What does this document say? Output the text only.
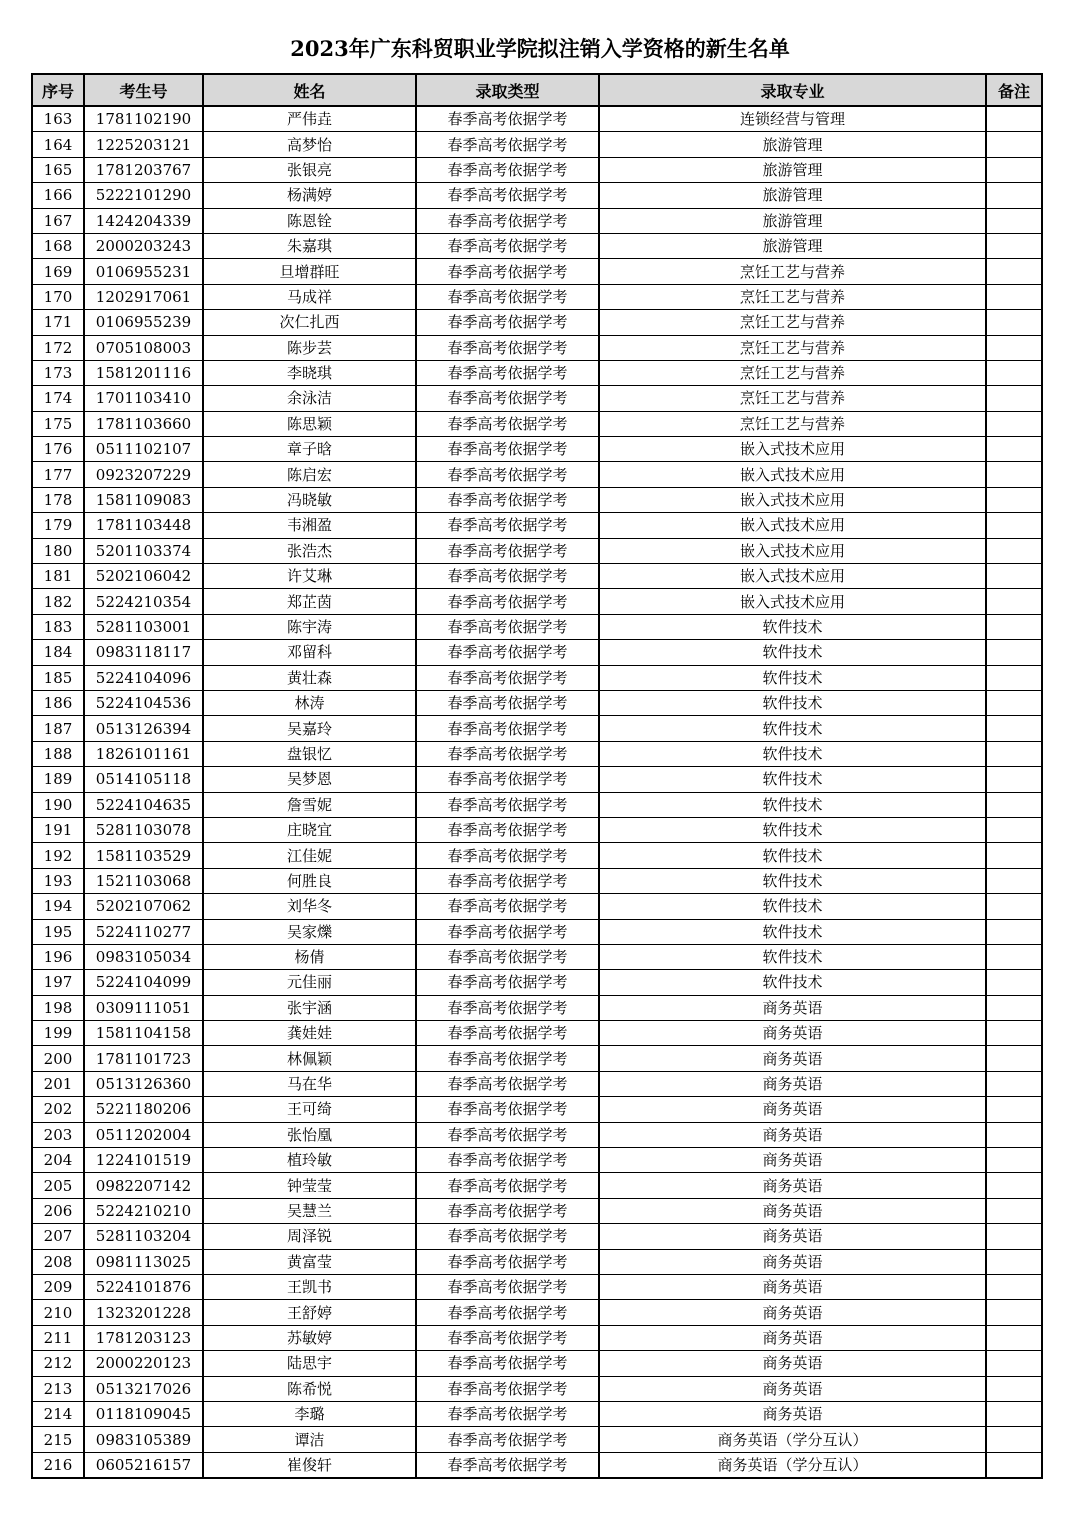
2023年广东科贸职业学院拟注销入学资格的新生名单
序号	考生号	姓名	录取类型	录取专业	备注
163	1781102190	严伟垚	春季高考依据学考	连锁经营与管理	
164	1225203121	高梦怡	春季高考依据学考	旅游管理	
165	1781203767	张银亮	春季高考依据学考	旅游管理	
166	5222101290	杨满婷	春季高考依据学考	旅游管理	
167	1424204339	陈恩铨	春季高考依据学考	旅游管理	
168	2000203243	朱嘉琪	春季高考依据学考	旅游管理	
169	0106955231	旦增群旺	春季高考依据学考	烹饪工艺与营养	
170	1202917061	马成祥	春季高考依据学考	烹饪工艺与营养	
171	0106955239	次仁扎西	春季高考依据学考	烹饪工艺与营养	
172	0705108003	陈步芸	春季高考依据学考	烹饪工艺与营养	
173	1581201116	李晓琪	春季高考依据学考	烹饪工艺与营养	
174	1701103410	余泳洁	春季高考依据学考	烹饪工艺与营养	
175	1781103660	陈思颖	春季高考依据学考	烹饪工艺与营养	
176	0511102107	章子晗	春季高考依据学考	嵌入式技术应用	
177	0923207229	陈启宏	春季高考依据学考	嵌入式技术应用	
178	1581109083	冯晓敏	春季高考依据学考	嵌入式技术应用	
179	1781103448	韦湘盈	春季高考依据学考	嵌入式技术应用	
180	5201103374	张浩杰	春季高考依据学考	嵌入式技术应用	
181	5202106042	许艾琳	春季高考依据学考	嵌入式技术应用	
182	5224210354	郑芷茵	春季高考依据学考	嵌入式技术应用	
183	5281103001	陈宇涛	春季高考依据学考	软件技术	
184	0983118117	邓留科	春季高考依据学考	软件技术	
185	5224104096	黄壮森	春季高考依据学考	软件技术	
186	5224104536	林涛	春季高考依据学考	软件技术	
187	0513126394	吴嘉玲	春季高考依据学考	软件技术	
188	1826101161	盘银忆	春季高考依据学考	软件技术	
189	0514105118	吴梦恩	春季高考依据学考	软件技术	
190	5224104635	詹雪妮	春季高考依据学考	软件技术	
191	5281103078	庄晓宜	春季高考依据学考	软件技术	
192	1581103529	江佳妮	春季高考依据学考	软件技术	
193	1521103068	何胜良	春季高考依据学考	软件技术	
194	5202107062	刘华冬	春季高考依据学考	软件技术	
195	5224110277	吴家爍	春季高考依据学考	软件技术	
196	0983105034	杨倩	春季高考依据学考	软件技术	
197	5224104099	元佳丽	春季高考依据学考	软件技术	
198	0309111051	张宇涵	春季高考依据学考	商务英语	
199	1581104158	龚娃娃	春季高考依据学考	商务英语	
200	1781101723	林佩颖	春季高考依据学考	商务英语	
201	0513126360	马在华	春季高考依据学考	商务英语	
202	5221180206	王可绮	春季高考依据学考	商务英语	
203	0511202004	张怡凰	春季高考依据学考	商务英语	
204	1224101519	植玲敏	春季高考依据学考	商务英语	
205	0982207142	钟莹莹	春季高考依据学考	商务英语	
206	5224210210	吴慧兰	春季高考依据学考	商务英语	
207	5281103204	周泽锐	春季高考依据学考	商务英语	
208	0981113025	黄富莹	春季高考依据学考	商务英语	
209	5224101876	王凯书	春季高考依据学考	商务英语	
210	1323201228	王舒婷	春季高考依据学考	商务英语	
211	1781203123	苏敏婷	春季高考依据学考	商务英语	
212	2000220123	陆思宇	春季高考依据学考	商务英语	
213	0513217026	陈希悦	春季高考依据学考	商务英语	
214	0118109045	李璐	春季高考依据学考	商务英语	
215	0983105389	谭洁	春季高考依据学考	商务英语（学分互认）	
216	0605216157	崔俊轩	春季高考依据学考	商务英语（学分互认）	
